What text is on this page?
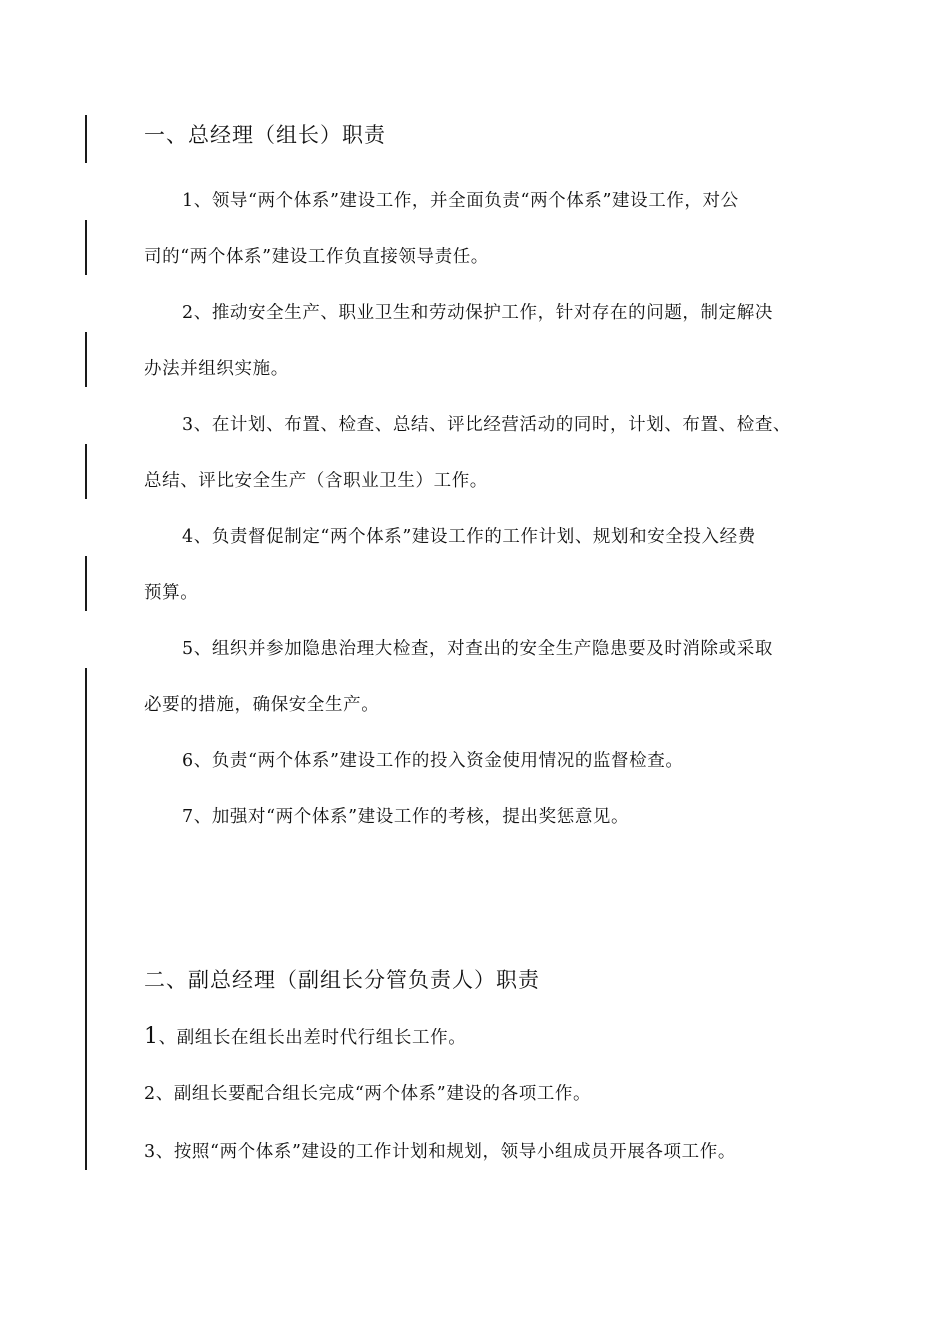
一、总经理（组长）职责
1、领导“两个体系”建设工作，并全面负责“两个体系”建设工作，对公
司的“两个体系”建设工作负直接领导责任。
2、推动安全生产、职业卫生和劳动保护工作，针对存在的问题，制定解决
办法并组织实施。
3、在计划、布置、检查、总结、评比经营活动的同时，计划、布置、检查、
总结、评比安全生产（含职业卫生）工作。
4、负责督促制定“两个体系”建设工作的工作计划、规划和安全投入经费
预算。
5、组织并参加隐患治理大检查，对查出的安全生产隐患要及时消除或采取
必要的措施，确保安全生产。
6、负责“两个体系”建设工作的投入资金使用情况的监督检查。
7、加强对“两个体系”建设工作的考核，提出奖惩意见。
二、副总经理（副组长分管负责人）职责
1、副组长在组长出差时代行组长工作。
2、副组长要配合组长完成“两个体系”建设的各项工作。
3、按照“两个体系”建设的工作计划和规划，领导小组成员开展各项工作。
